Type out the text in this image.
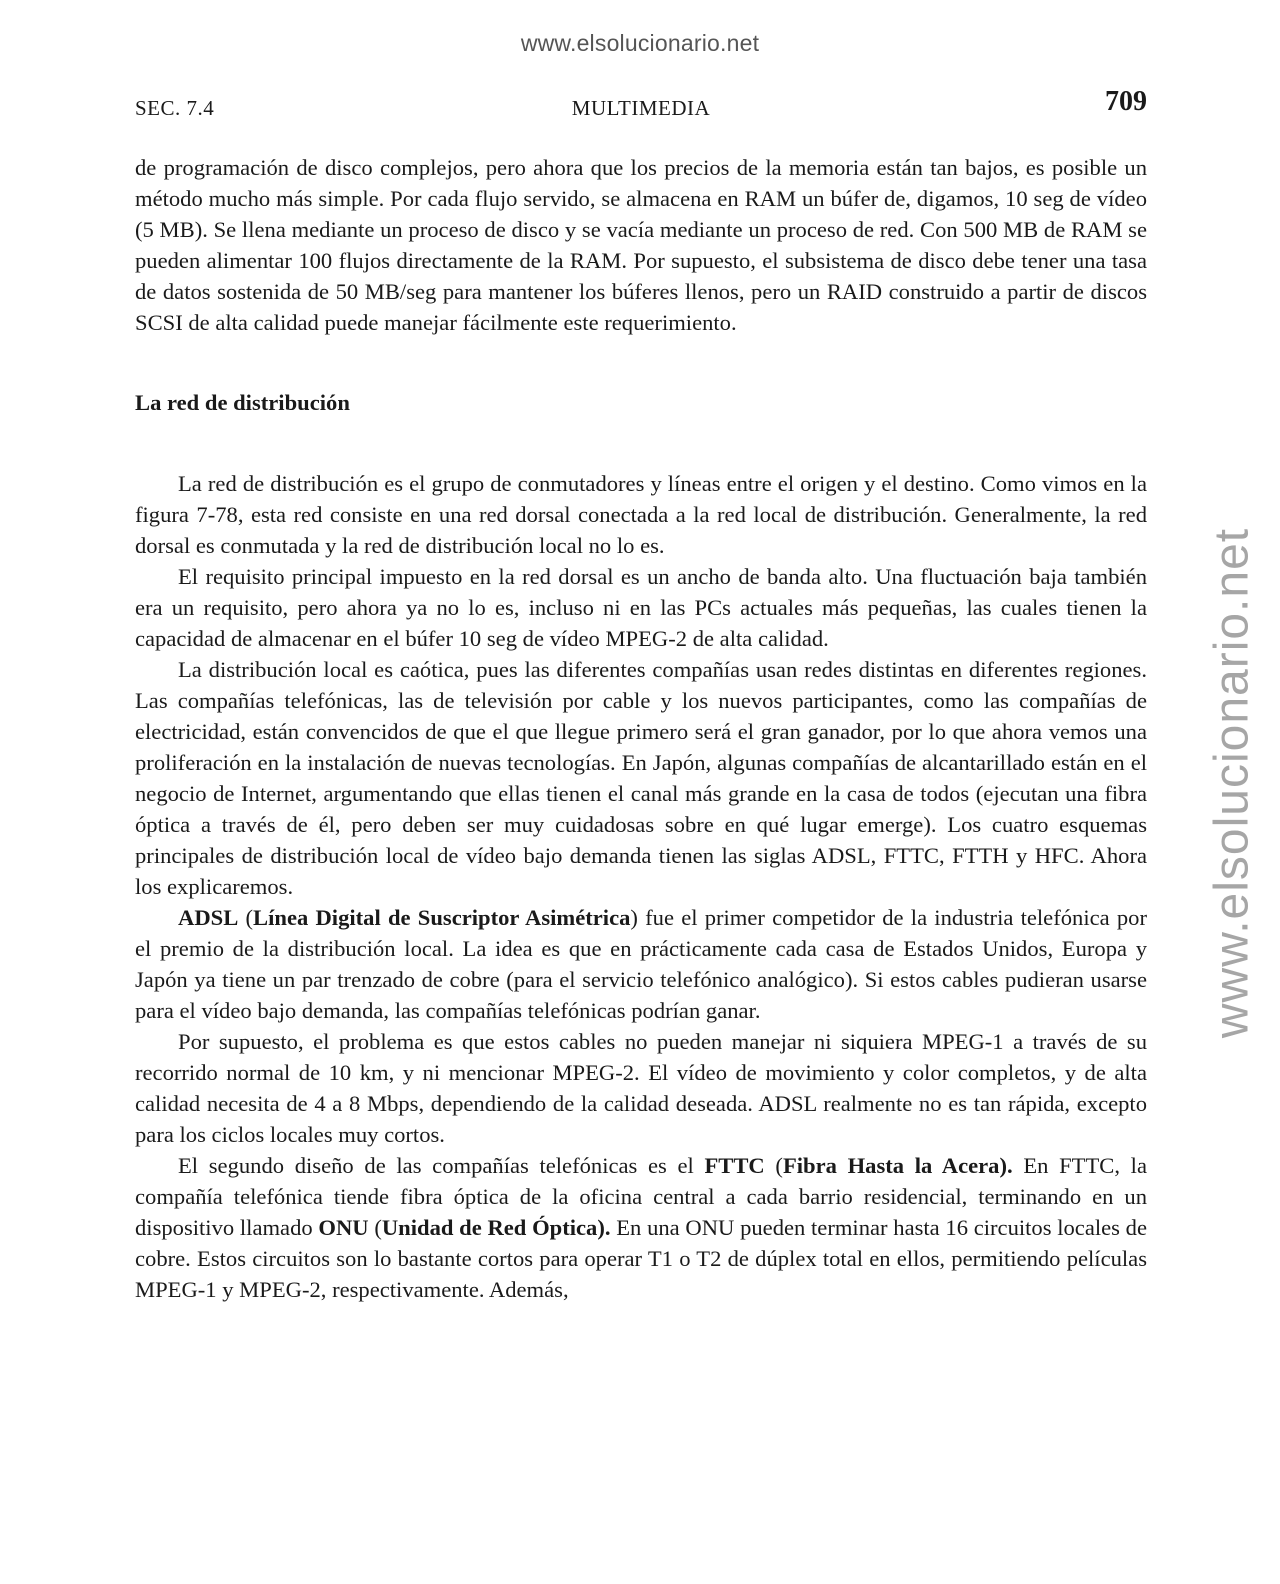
www.elsolucionario.net
www.elsolucionario.net
SEC. 7.4	MULTIMEDIA	709

de programación de disco complejos, pero ahora que los precios de la memoria están tan bajos, es posible un método mucho más simple. Por cada flujo servido, se almacena en RAM un búfer de, digamos, 10 seg de vídeo (5 MB). Se llena mediante un proceso de disco y se vacía mediante un proceso de red. Con 500 MB de RAM se pueden alimentar 100 flujos directamente de la RAM. Por supuesto, el subsistema de disco debe tener una tasa de datos sostenida de 50 MB/seg para mantener los búferes llenos, pero un RAID construido a partir de discos SCSI de alta calidad puede manejar fácilmente este requerimiento.

La red de distribución

La red de distribución es el grupo de conmutadores y líneas entre el origen y el destino. Como vimos en la figura 7-78, esta red consiste en una red dorsal conectada a la red local de distribución. Generalmente, la red dorsal es conmutada y la red de distribución local no lo es.

El requisito principal impuesto en la red dorsal es un ancho de banda alto. Una fluctuación baja también era un requisito, pero ahora ya no lo es, incluso ni en las PCs actuales más pequeñas, las cuales tienen la capacidad de almacenar en el búfer 10 seg de vídeo MPEG-2 de alta calidad.

La distribución local es caótica, pues las diferentes compañías usan redes distintas en diferentes regiones. Las compañías telefónicas, las de televisión por cable y los nuevos participantes, como las compañías de electricidad, están convencidos de que el que llegue primero será el gran ganador, por lo que ahora vemos una proliferación en la instalación de nuevas tecnologías. En Japón, algunas compañías de alcantarillado están en el negocio de Internet, argumentando que ellas tienen el canal más grande en la casa de todos (ejecutan una fibra óptica a través de él, pero deben ser muy cuidadosas sobre en qué lugar emerge). Los cuatro esquemas principales de distribución local de vídeo bajo demanda tienen las siglas ADSL, FTTC, FTTH y HFC. Ahora los explicaremos.

ADSL (Línea Digital de Suscriptor Asimétrica) fue el primer competidor de la industria telefónica por el premio de la distribución local. La idea es que en prácticamente cada casa de Estados Unidos, Europa y Japón ya tiene un par trenzado de cobre (para el servicio telefónico analógico). Si estos cables pudieran usarse para el vídeo bajo demanda, las compañías telefónicas podrían ganar.

Por supuesto, el problema es que estos cables no pueden manejar ni siquiera MPEG-1 a través de su recorrido normal de 10 km, y ni mencionar MPEG-2. El vídeo de movimiento y color completos, y de alta calidad necesita de 4 a 8 Mbps, dependiendo de la calidad deseada. ADSL realmente no es tan rápida, excepto para los ciclos locales muy cortos.

El segundo diseño de las compañías telefónicas es el FTTC (Fibra Hasta la Acera). En FTTC, la compañía telefónica tiende fibra óptica de la oficina central a cada barrio residencial, terminando en un dispositivo llamado ONU (Unidad de Red Óptica). En una ONU pueden terminar hasta 16 circuitos locales de cobre. Estos circuitos son lo bastante cortos para operar T1 o T2 de dúplex total en ellos, permitiendo películas MPEG-1 y MPEG-2, respectivamente. Además,
